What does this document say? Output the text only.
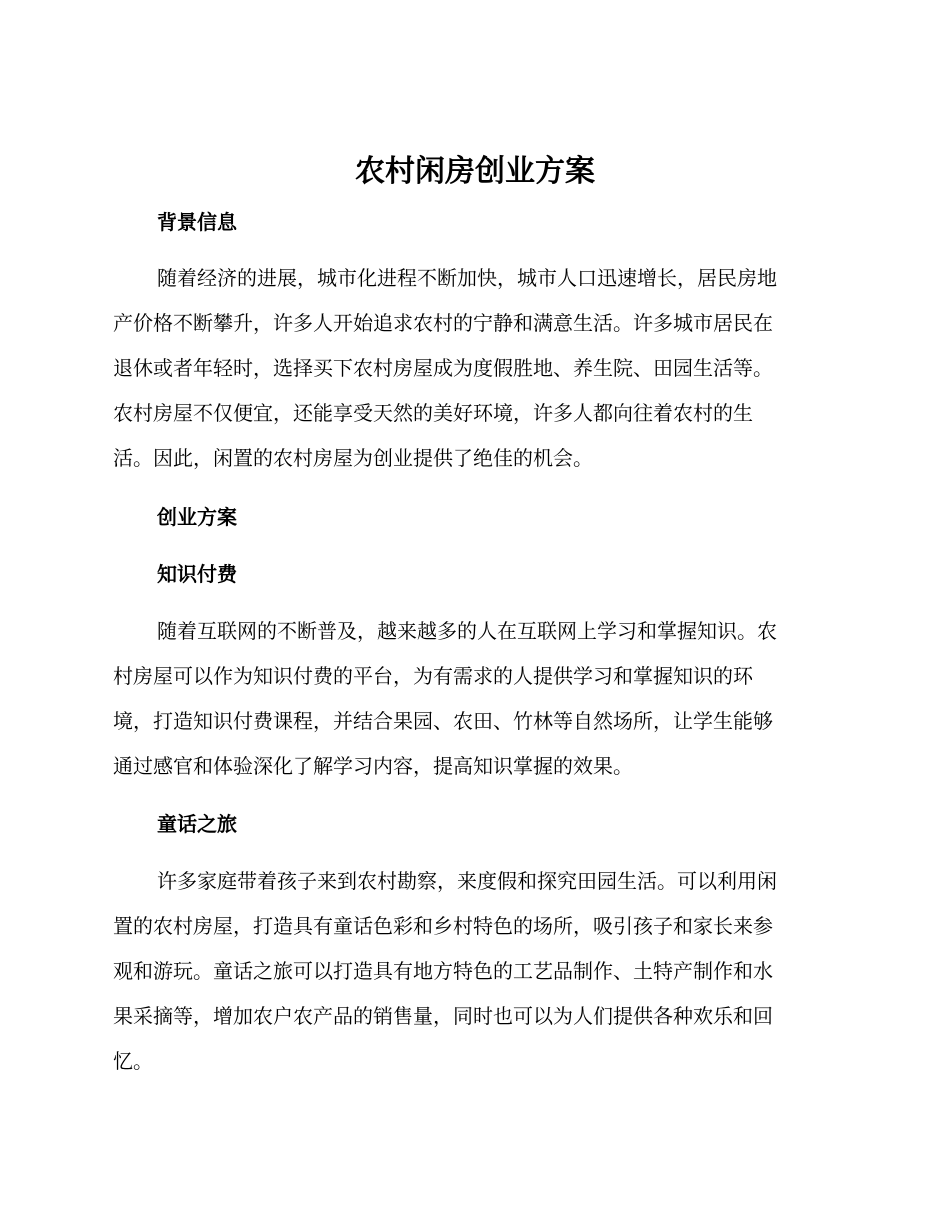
农村闲房创业方案
背景信息
随着经济的进展，城市化进程不断加快，城市人口迅速增长，居民房地
产价格不断攀升，许多人开始追求农村的宁静和满意生活。许多城市居民在
退休或者年轻时，选择买下农村房屋成为度假胜地、养生院、田园生活等。
农村房屋不仅便宜，还能享受天然的美好环境，许多人都向往着农村的生
活。因此，闲置的农村房屋为创业提供了绝佳的机会。
创业方案
知识付费
随着互联网的不断普及，越来越多的人在互联网上学习和掌握知识。农
村房屋可以作为知识付费的平台，为有需求的人提供学习和掌握知识的环
境，打造知识付费课程，并结合果园、农田、竹林等自然场所，让学生能够
通过感官和体验深化了解学习内容，提高知识掌握的效果。
童话之旅
许多家庭带着孩子来到农村勘察，来度假和探究田园生活。可以利用闲
置的农村房屋，打造具有童话色彩和乡村特色的场所，吸引孩子和家长来参
观和游玩。童话之旅可以打造具有地方特色的工艺品制作、土特产制作和水
果采摘等，增加农户农产品的销售量，同时也可以为人们提供各种欢乐和回
忆。
